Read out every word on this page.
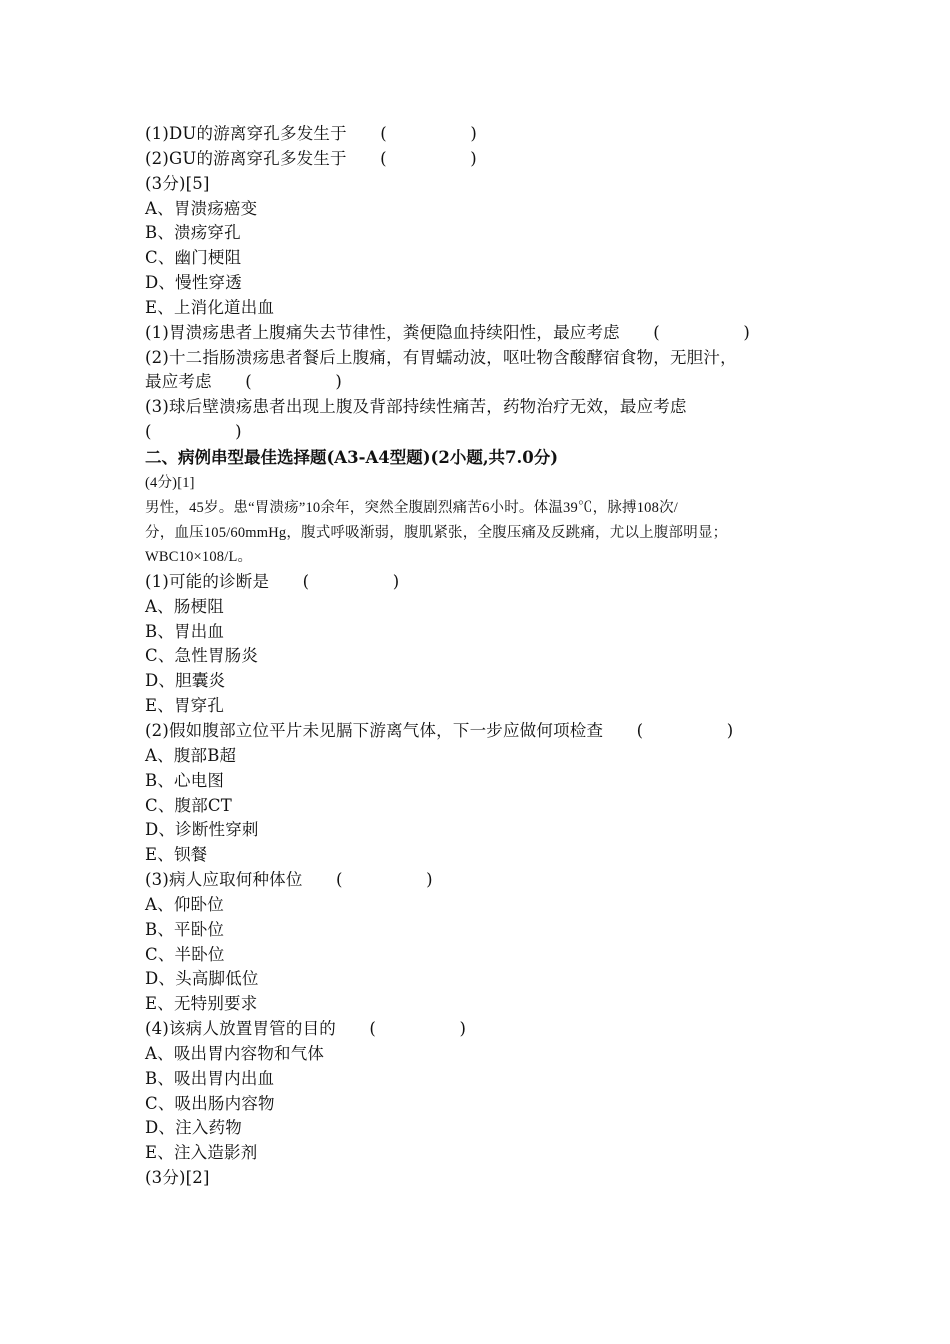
(1)DU的游离穿孔多发生于　　(　　　　　)
(2)GU的游离穿孔多发生于　　(　　　　　)
(3分)[5]
A、胃溃疡癌变
B、溃疡穿孔
C、幽门梗阻
D、慢性穿透
E、上消化道出血
(1)胃溃疡患者上腹痛失去节律性，粪便隐血持续阳性，最应考虑　　(　　　　　)
(2)十二指肠溃疡患者餐后上腹痛，有胃蠕动波，呕吐物含酸酵宿食物，无胆汁，
最应考虑　　(　　　　　)
(3)球后壁溃疡患者出现上腹及背部持续性痛苦，药物治疗无效，最应考虑
(　　　　　)
二、病例串型最佳选择题(A3-A4型题)(2小题,共7.0分)
(4分)[1]
男性，45岁。患“胃溃疡”10余年，突然全腹剧烈痛苦6小时。体温39℃，脉搏108次/
分，血压105/60mmHg，腹式呼吸渐弱，腹肌紧张，全腹压痛及反跳痛，尤以上腹部明显；
WBC10×108/L。
(1)可能的诊断是　　(　　　　　)
A、肠梗阻
B、胃出血
C、急性胃肠炎
D、胆囊炎
E、胃穿孔
(2)假如腹部立位平片未见膈下游离气体，下一步应做何项检查　　(　　　　　)
A、腹部B超
B、心电图
C、腹部CT
D、诊断性穿刺
E、钡餐
(3)病人应取何种体位　　(　　　　　)
A、仰卧位
B、平卧位
C、半卧位
D、头高脚低位
E、无特别要求
(4)该病人放置胃管的目的　　(　　　　　)
A、吸出胃内容物和气体
B、吸出胃内出血
C、吸出肠内容物
D、注入药物
E、注入造影剂
(3分)[2]
